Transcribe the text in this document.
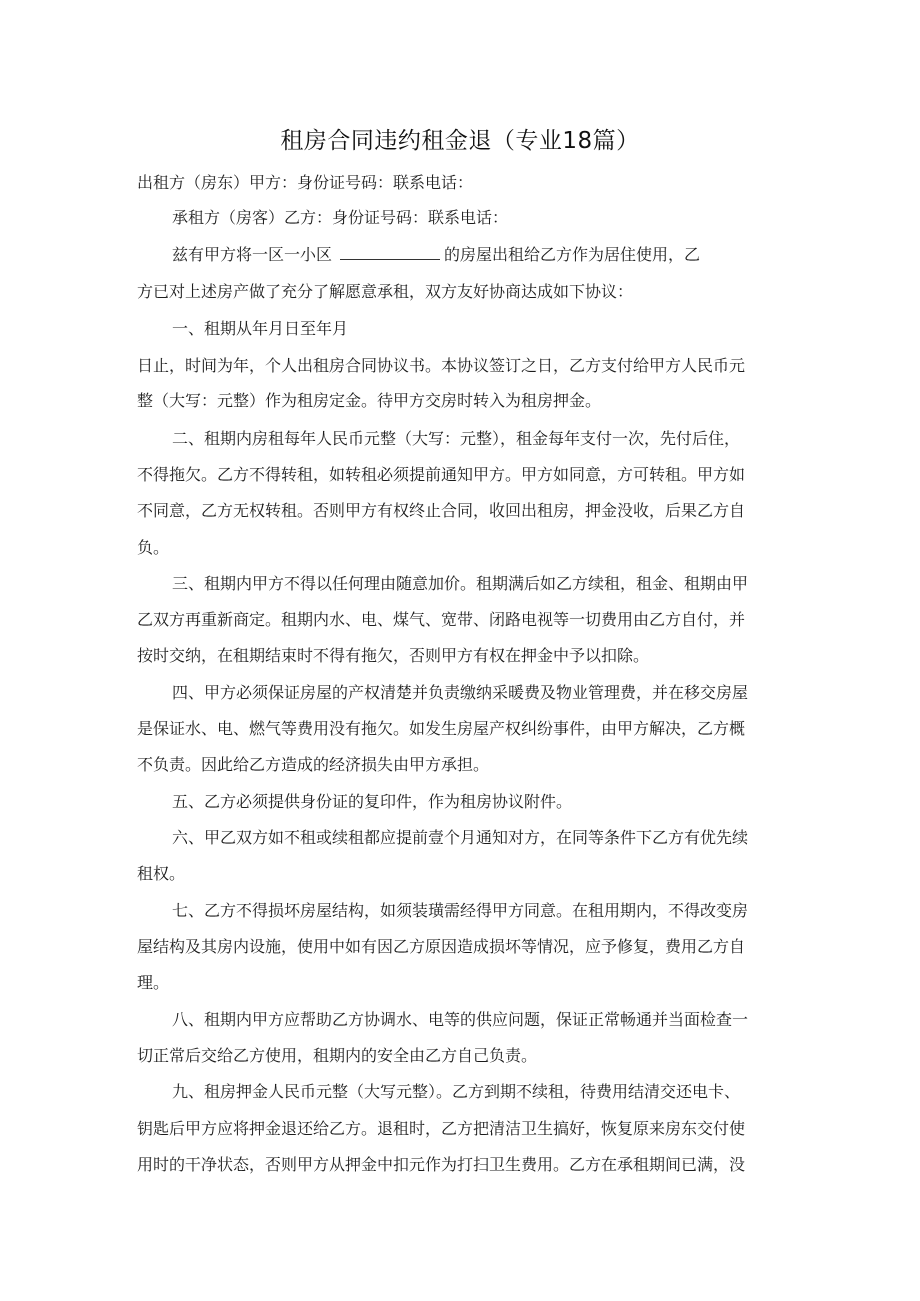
租房合同违约租金退（专业18篇）

出租方（房东）甲方：身份证号码：联系电话：

承租方（房客）乙方：身份证号码：联系电话：

兹有甲方将一区一小区	的房屋出租给乙方作为居住使用，乙

方已对上述房产做了充分了解愿意承租，双方友好协商达成如下协议：

一、租期从年月日至年月

日止，时间为年，个人出租房合同协议书。本协议签订之日，乙方支付给甲方人民币元

整（大写：元整）作为租房定金。待甲方交房时转入为租房押金。

二、租期内房租每年人民币元整（大写：元整），租金每年支付一次，先付后住，

不得拖欠。乙方不得转租，如转租必须提前通知甲方。甲方如同意，方可转租。甲方如

不同意，乙方无权转租。否则甲方有权终止合同，收回出租房，押金没收，后果乙方自

负。

三、租期内甲方不得以任何理由随意加价。租期满后如乙方续租，租金、租期由甲

乙双方再重新商定。租期内水、电、煤气、宽带、闭路电视等一切费用由乙方自付，并

按时交纳，在租期结束时不得有拖欠，否则甲方有权在押金中予以扣除。

四、甲方必须保证房屋的产权清楚并负责缴纳采暖费及物业管理费，并在移交房屋

是保证水、电、燃气等费用没有拖欠。如发生房屋产权纠纷事件，由甲方解决，乙方概

不负责。因此给乙方造成的经济损失由甲方承担。

五、乙方必须提供身份证的复印件，作为租房协议附件。

六、甲乙双方如不租或续租都应提前壹个月通知对方，在同等条件下乙方有优先续

租权。

七、乙方不得损坏房屋结构，如须装璜需经得甲方同意。在租用期内，不得改变房

屋结构及其房内设施，使用中如有因乙方原因造成损坏等情况，应予修复，费用乙方自

理。

八、租期内甲方应帮助乙方协调水、电等的供应问题，保证正常畅通并当面检查一

切正常后交给乙方使用，租期内的安全由乙方自己负责。

九、租房押金人民币元整（大写元整）。乙方到期不续租，待费用结清交还电卡、

钥匙后甲方应将押金退还给乙方。退租时，乙方把清洁卫生搞好，恢复原来房东交付使

用时的干净状态，否则甲方从押金中扣元作为打扫卫生费用。乙方在承租期间已满，没
